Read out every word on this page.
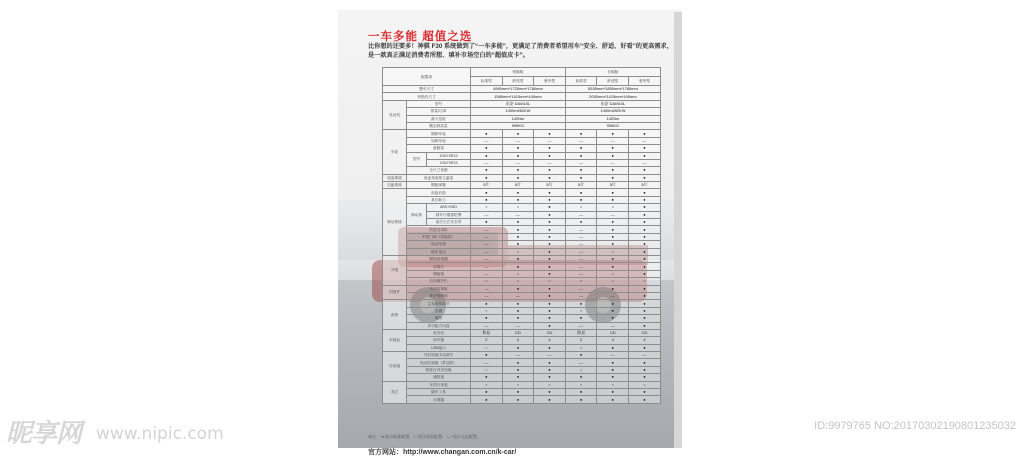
一车多能 超值之选
比你想的还要多！神骐 F30 系统做到了“一车多能”，更满足了消费者希望用车“安全、舒适、好看”的更高需求，是一款真正满足消费者所想、填补市场空白的“超值皮卡”。
配置项			短厢版			长厢版		
			标准型	舒适型	豪华型	标准型	舒适型	豪华型
整车尺寸			4990mm*1720mm*1780mm			5535mm*1850mm*1780mm		
货箱内尺寸			1580mm*1415mm*440mm			2000mm*1415mm*440mm		
发动机	型号		东安 DAM15L			东安 DAM15L		
	排量/功率		1490ml/82KW			1490ml/82KW		
	最大扭矩		142Nm			142Nm		
	额定载质量		995KG			995KG		
车轮	钢制车轮		●	●	●	●	●	●
	铝制车轮		—	—	—	—	—	—
	备胎架		●	●	●	●	●	●
	型号	195/70R15	●	●	●	●	●	●
		195/70R15	—	—	—	—	—	—
	全尺寸备胎		●	●	●	●	●	●
底盘系统	前麦弗逊独立悬架		●	●	●	●	●	●
后悬系统	钢板弹簧		5片	5片	5片	5片	5片	5片
制动系统	前盘后鼓		●	●	●	●	●	●
	真空助力		●	●	●	●	●	●
	制动系	ABS+EBD	○	○	●	○	○	●
		刹车片磨损报警	—	—	●	—	—	●
		前后左右安全带	●	●	●	●	●	●
	防盗发动机		—	●	●	—	●	●
	中控门锁（带遥控）		—	●	●	—	●	●
	电动车窗		—	●	●	—	●	●
	倒车雷达		—	○	●	—	○	●
外观	镀铬前格栅		—	●	●	—	●	●
	前雾灯		—	●	●	—	●	●
	侧踏板		—	○	●	—	○	●
	后货箱护栏		○	○	○	○	○	○
内饰件	木纹装饰板		—	●	●	—	●	●
	豪华型座椅		—	—	●	—	—	●
座椅	主驾座椅调节		●	●	●	●	●	●
	空调		○	●	●	○	●	●
	暖风		●	●	●	●	●	●
	多功能方向盘		—	—	●	—	—	●
车载品	收音机		简易	CD	CD	简易	CD	CD
	扬声器		2	4	4	2	4	4
	USB接口		○	●	●	○	●	●
后视镜	外后视镜手动调节		●	—	—	●	—	—
	电动后视镜（带加热）		—	●	●	—	●	●
	防眩目内后视镜		○	●	●	○	●	●
	遮阳板		●	●	●	●	●	●
其它	车顶行李架		○	○	○	○	○	○
	随车工具		●	●	●	●	●	●
	点烟器		●	●	●	●	●	●
备注：“●”表示标准配置，“○”表示选装配置，“—”表示无此配置。
官方网站：http://www.changan.com.cn/k-car/
昵享网 www.nipic.com	ID:9979765 NO:20170302190801235032
